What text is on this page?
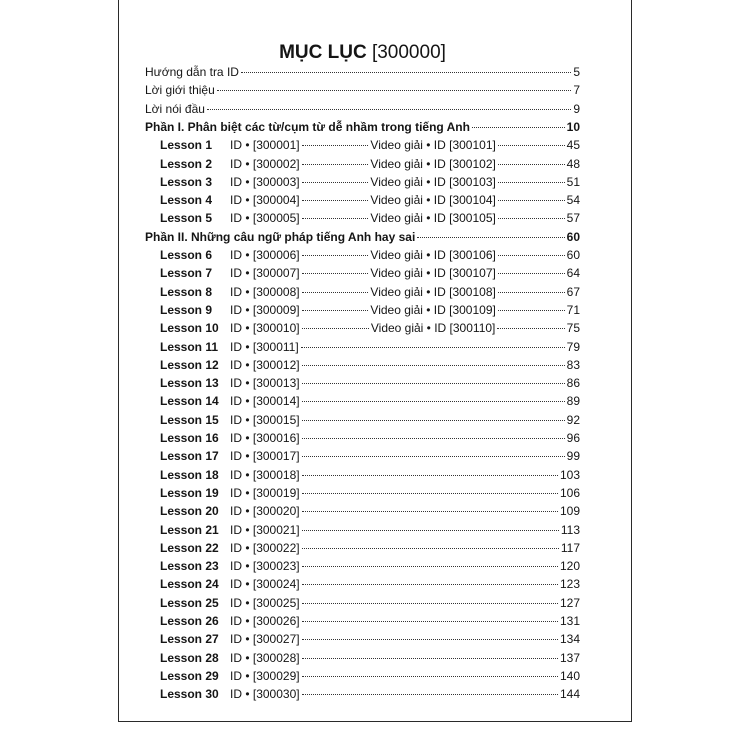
MỤC LỤC [300000]
Hướng dẫn tra ID	5
Lời giới thiệu	7
Lời nói đầu	9
Phần I. Phân biệt các từ/cụm từ dễ nhầm trong tiếng Anh	10
Lesson 1	ID • [300001]	Video giải • ID [300101]	45
Lesson 2	ID • [300002]	Video giải • ID [300102]	48
Lesson 3	ID • [300003]	Video giải • ID [300103]	51
Lesson 4	ID • [300004]	Video giải • ID [300104]	54
Lesson 5	ID • [300005]	Video giải • ID [300105]	57
Phần II. Những câu ngữ pháp tiếng Anh hay sai	60
Lesson 6	ID • [300006]	Video giải • ID [300106]	60
Lesson 7	ID • [300007]	Video giải • ID [300107]	64
Lesson 8	ID • [300008]	Video giải • ID [300108]	67
Lesson 9	ID • [300009]	Video giải • ID [300109]	71
Lesson 10 ID • [300010]	Video giải • ID [300110]	75
Lesson 11 ID • [300011]	79
Lesson 12 ID • [300012]	83
Lesson 13 ID • [300013]	86
Lesson 14 ID • [300014]	89
Lesson 15 ID • [300015]	92
Lesson 16 ID • [300016]	96
Lesson 17 ID • [300017]	99
Lesson 18 ID • [300018]	103
Lesson 19 ID • [300019]	106
Lesson 20 ID • [300020]	109
Lesson 21 ID • [300021]	113
Lesson 22 ID • [300022]	117
Lesson 23 ID • [300023]	120
Lesson 24 ID • [300024]	123
Lesson 25 ID • [300025]	127
Lesson 26 ID • [300026]	131
Lesson 27 ID • [300027]	134
Lesson 28 ID • [300028]	137
Lesson 29 ID • [300029]	140
Lesson 30 ID • [300030]	144
